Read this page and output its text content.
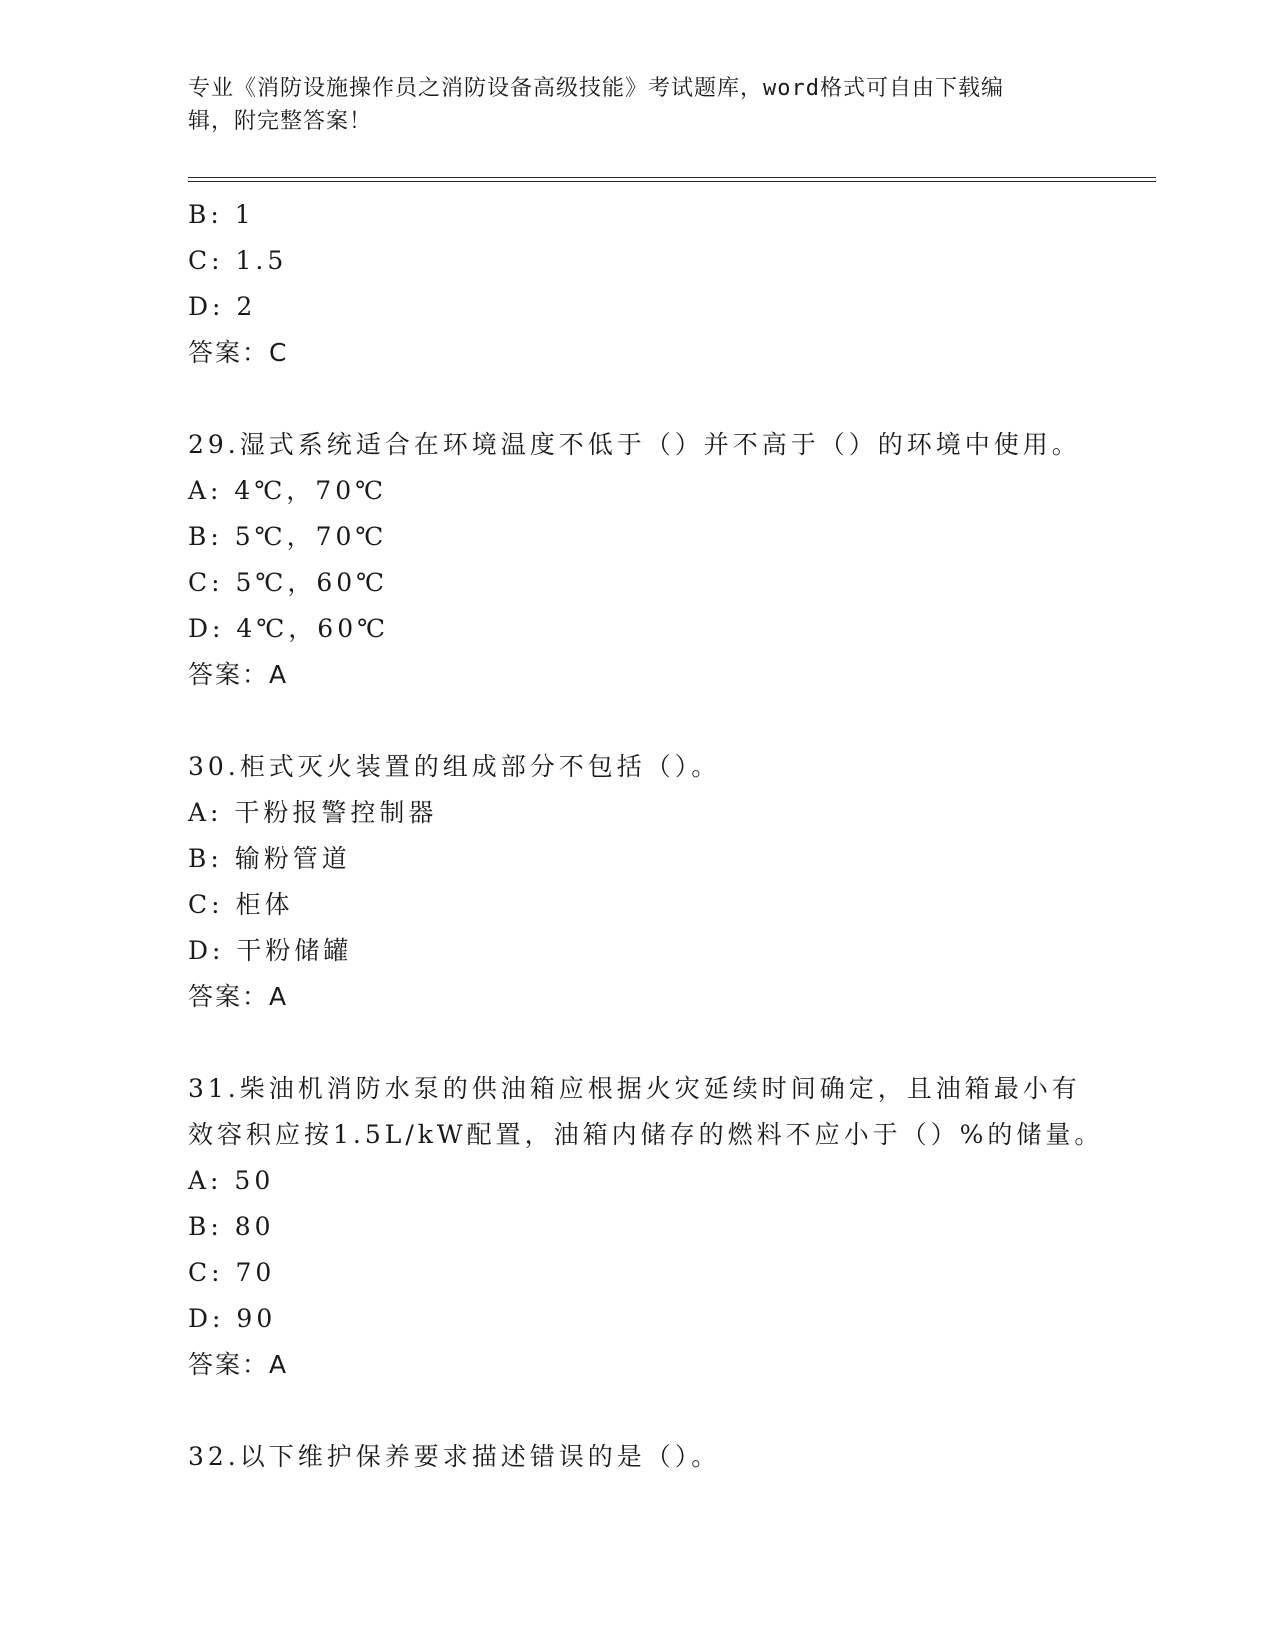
专业《消防设施操作员之消防设备高级技能》考试题库，word格式可自由下载编
辑，附完整答案！
B: 1
C: 1.5
D: 2
答案：C
29.湿式系统适合在环境温度不低于（）并不高于（）的环境中使用。
A: 4℃，70℃
B: 5℃，70℃
C: 5℃，60℃
D: 4℃，60℃
答案：A
30.柜式灭火装置的组成部分不包括（）。
A: 干粉报警控制器
B: 输粉管道
C: 柜体
D: 干粉储罐
答案：A
31.柴油机消防水泵的供油箱应根据火灾延续时间确定，且油箱最小有
效容积应按1.5L/kW配置，油箱内储存的燃料不应小于（）%的储量。
A: 50
B: 80
C: 70
D: 90
答案：A
32.以下维护保养要求描述错误的是（）。
